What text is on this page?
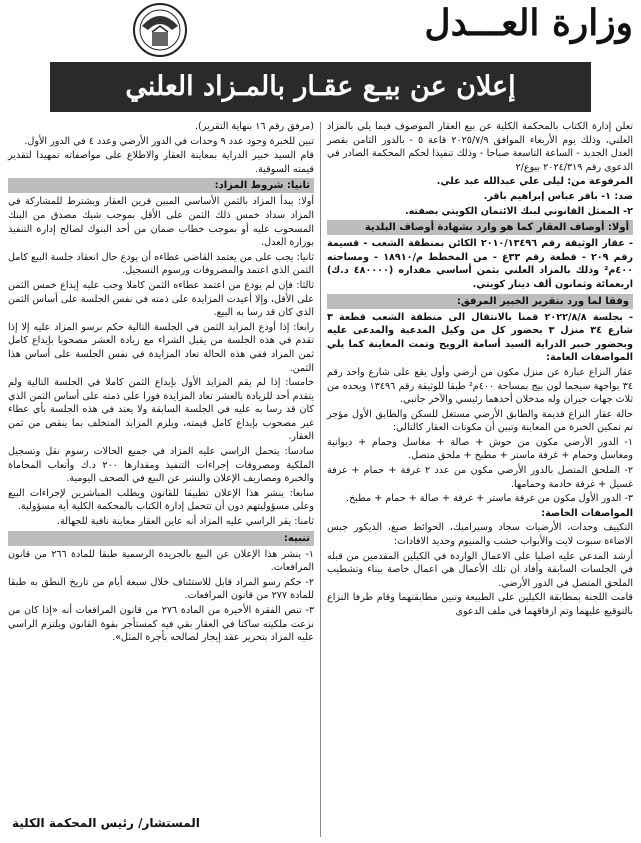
وزارة العـــدل
إعلان عن بيـع عقـار بالمـزاد العلني

تعلن إدارة الكتاب بالمحكمة الكلية عن بيع العقار الموصوف فيما يلي بالمزاد العلني، وذلك يوم الأربعاء الموافق ٢٠٢٥/٧/٩ قاعة ٥ - بالدور الثامن بقصر العدل الجديد - الساعة التاسعة صباحا - وذلك تنفيذا لحكم المحكمة الصادر في الدعوى رقم ٢٠٢٤/٣١٩ بيوع/٢

المرفوعة من: ليلى علي عبدالله عبد علي.

ضد: ١- باقر عباس إبراهيم باقر.

٢- الممثل القانوني لبنك الائتمان الكويتي بصفته.

أولا: أوصاف العقار كما هو وارد بشهادة أوصاف البلدية

- عقار الوثيقة رقم ٢٠١٠/١٣٤٩٦ الكائن بمنطقة الشعب - قسيمة رقم ٢٠٩ - قطعة رقم ٣٣غ - من المخطط م/١٨٩١٠ - ومساحته ٤٠٠م² وذلك بالمزاد العلني بثمن أساسي مقداره (٤٨٠٠٠٠ د.ك) اربعمائة وثمانون ألف دينار كويتي.

وفقا لما ورد بتقرير الخبير المرفق:

- بجلسة ٢٠٢٢/٨/٨ قمنا بالانتقال الى منطقة الشعب قطعة ٣ شارع ٣٤ منزل ٣ بحضور كل من وكيل المدعية والمدعى عليه وبحضور خبير الدراية السيد أسامة الرويح وتمت المعاينة كما يلي المواصفات العامة:

عقار النزاع عبارة عن منزل مكون من أرضي وأول يقع على شارع واحد رقم ٣٤ بواجهة سيجما لون بيج بمساحة ٤٠٠م² طبقا للوثيقة رقم ١٣٤٩٦ ويحده من ثلاث جهات جيران وله مدخلان أحدهما رئيسي والآخر جانبي.

حالة عقار النزاع قديمة والطابق الأرضي مستغل للسكن والطابق الأول مؤجر تم تمكين الخبرة من المعاينة وتبين أن مكونات العقار كالتالي:

١- الدور الأرضي مكون من حوش + صالة + مغاسل وحمام + ديوانية ومغاسل وحمام + غرفة ماستر + مطبخ + ملحق متصل.

٢- الملحق المتصل بالدور الأرضي مكون من عدد ٢ غرفة + حمام + غرفة غسيل + غرفة خادمة وحمامها.

٣- الدور الأول مكون من غرفة ماستر + غرفة + صالة + حمام + مطبخ.

المواصفات الخاصة:

التكييف وحدات، الأرضيات سجاد وسيراميك، الحوائط صبغ، الديكور جبس الاضاءة سبوت لايت والأبواب خشب والمنيوم وحديد الافادات:

أرشد المدعي عليه اصليا على الاعمال الواردة في الكيلين المقدمين من قبله في الجلسات السابقة وأفاد ان تلك الأعمال هي اعمال خاصة ببناء وتشطيب الملحق المتصل في الدور الأرضي.

قامت اللجنة بمطابقة الكيلين على الطبيعة وتبين مطابقتهما وقام طرفا النزاع بالتوقيع عليهما وتم ارفاقهما في ملف الدعوى

(مرفق رقم ١٦ بنهاية التقرير).

تبين للخبرة وجود عدد ٩ وحدات في الدور الأرضي وعدد ٤ في الدور الأول.

قام السيد خبير الدراية بمعاينة العقار والاطلاع على مواصفاته تمهيدا لتقدير قيمته السوقية.

ثانيا: شروط المزاد:

أولا: يبدأ المزاد بالثمن الأساسي المبين قرين العقار ويشترط للمشاركة في المزاد سداد خمس ذلك الثمن على الأقل بموجب شيك مصدق من البنك المسحوب عليه أو بموجب خطاب ضمان من أحد البنوك لصالح إدارة التنفيذ بوزارة العدل.

ثانيا: يجب على من يعتمد القاضي عطاءه أن يودع حال انعقاد جلسة البيع كامل الثمن الذي اعتمد والمصروفات ورسوم التسجيل.

ثالثا: فإن لم يودع من اعتمد عطاءه الثمن كاملا وجب عليه إيداع خمس الثمن على الأقل، وإلا أعيدت المزايدة على ذمته في نفس الجلسة على أساس الثمن الذي كان قد رسا به البيع.

رابعا: إذا أودع المزايد الثمن في الجلسة التالية حكم برسو المزاد عليه إلا إذا تقدم في هذه الجلسة من يقبل الشراء مع زيادة العشر مصحوبا بإيداع كامل ثمن المزاد ففي هذه الحالة تعاد المزايدة في نفس الجلسة على أساس هذا الثمن.

خامسا: إذا لم يقم المزايد الأول بإيداع الثمن كاملا في الجلسة التالية ولم يتقدم أحد للزيادة بالعشر تعاد المزايدة فورا على ذمته على أساس الثمن الذي كان قد رسا به عليه في الجلسة السابقة ولا يعتد في هذه الجلسة بأي عطاء غير مصحوب بإيداع كامل قيمته، ويلزم المزايد المتخلف بما ينقص من ثمن العقار.

سادسا: يتحمل الراسي عليه المزاد في جميع الحالات رسوم نقل وتسجيل الملكية ومصروفات إجراءات التنفيذ ومقدارها ٢٠٠ د.ك وأتعاب المحاماة والخبرة ومصاريف الإعلان والنشر عن البيع في الصحف اليومية.

سابعا: ينشر هذا الإعلان تطبيقا للقانون ويطلب المباشرين لإجراءات البيع وعلى مسؤوليتهم دون أن تتحمل إدارة الكتاب بالمحكمة الكلية أية مسؤولية.

ثامنا: يقر الراسي عليه المزاد أنه عاين العقار معاينة نافية للجهالة.

تنبيه:

١- ينشر هذا الإعلان عن البيع بالجريدة الرسمية طبقا للمادة ٢٦٦ من قانون المرافعات.

٢- حكم رسو المزاد قابل للاستئناف خلال سبعة أيام من تاريخ النطق به طبقا للمادة ٢٧٧ من قانون المرافعات.

٣- تنص الفقرة الأخيرة من المادة ٢٧٦ من قانون المرافعات أنه «إذا كان من نزعت ملكيته ساكنا في العقار بقي فيه كمستأجر بقوة القانون ويلتزم الراسي عليه المزاد بتحرير عقد إيجار لصالحه بأجرة المثل».

المستشار/ رئيس المحكمة الكلية
